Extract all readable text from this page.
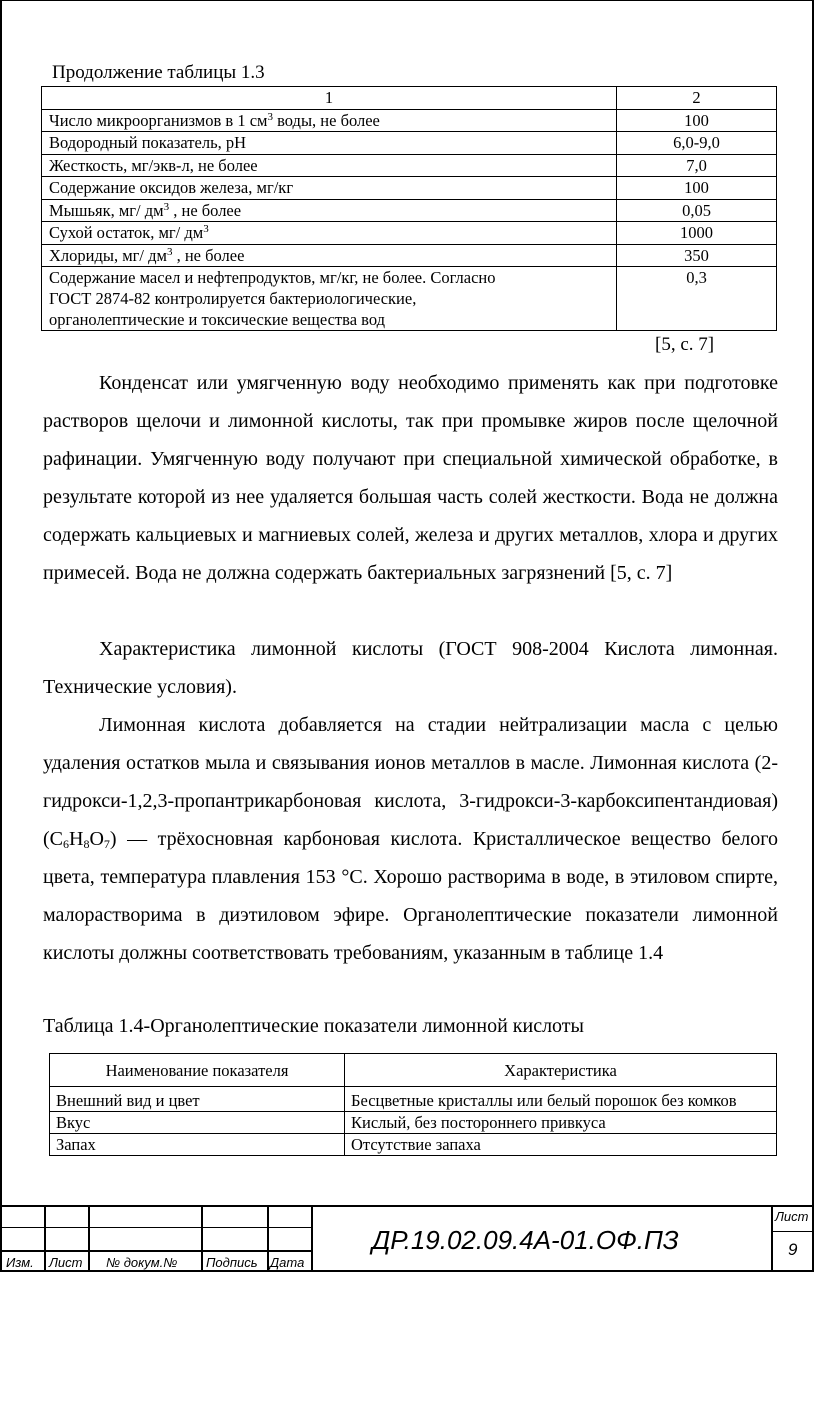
Продолжение таблицы 1.3
1	2
Число микроорганизмов в 1 $см^3$ воды, не более	100
Водородный показатель, рН	6,0-9,0
Жесткость, мг/экв-л, не более	7,0
Содержание оксидов железа, мг/кг	100
Мышьяк, мг/ $дм^3$ , не более	0,05
Сухой остаток, мг/ $дм^3$	1000
Хлориды, мг/ $дм^3$ , не более	350

Содержание масел и нефтепродуктов, мг/кг, не более. Согласно
ГОСТ 2874-82 контролируется бактериологические,
органолептические и токсические вещества вод	0,3
[5, с. 7]

Конденсат или умягченную воду необходимо применять как при подготовке растворов щелочи и лимонной кислоты, так при промывке жиров после щелочной рафинации. Умягченную воду получают при специальной химической обработке, в результате которой из нее удаляется большая часть солей жесткости. Вода не должна содержать кальциевых и магниевых солей, железа и других металлов, хлора и других примесей. Вода не должна содержать бактериальных загрязнений [5, с. 7]

Характеристика лимонной кислоты (ГОСТ 908-2004 Кислота лимонная. Технические условия).

Лимонная кислота добавляется на стадии нейтрализации масла с целью удаления остатков мыла и связывания ионов металлов в масле. Лимонная кислота (2-гидрокси-1,2,3-пропантрикарбоновая кислота, 3-гидрокси-3-карбоксипентандиовая) $(С_6Н_8О_7)$ — трёхосновная карбоновая кислота. Кристаллическое вещество белого цвета, температура плавления 153 °C. Хорошо растворима в воде, в этиловом спирте, малорастворима в диэтиловом эфире. Органолептические показатели лимонной кислоты должны соответствовать требованиям, указанным в таблице 1.4

Таблица 1.4-Органолептические показатели лимонной кислоты
Наименование показателя	Характеристика
Внешний вид и цвет	Бесцветные кристаллы или белый порошок без комков
Вкус	Кислый, без постороннего привкуса
Запах	Отсутствие запаха
Изм. Лист № докум.№ Подпись Дата
ДР.19.02.09.4А-01.ОФ.ПЗ
Лист
9
